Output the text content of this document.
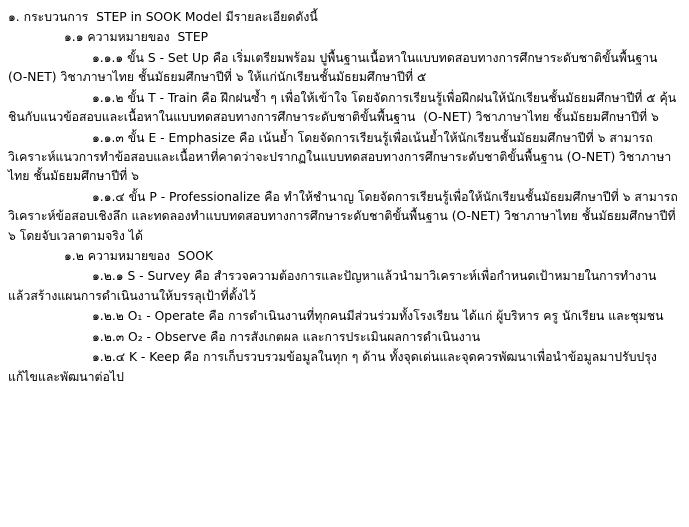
๑. กระบวนการ  STEP in SOOK Model มีรายละเอียดดังนี้

๑.๑ ความหมายของ  STEP

๑.๑.๑ ขั้น S - Set Up คือ เริ่มเตรียมพร้อม ปูพื้นฐานเนื้อหาในแบบทดสอบทางการศึกษาระดับชาติขั้นพื้นฐาน (O-NET) วิชาภาษาไทย ชั้นมัธยมศึกษาปีที่ ๖ ให้แก่นักเรียนชั้นมัธยมศึกษาปีที่ ๕

๑.๑.๒ ขั้น T - Train คือ ฝึกฝนซ้ำ ๆ เพื่อให้เข้าใจ โดยจัดการเรียนรู้เพื่อฝึกฝนให้นักเรียนชั้นมัธยมศึกษาปีที่ ๕ คุ้นชินกับแนวข้อสอบและเนื้อหาในแบบทดสอบทางการศึกษาระดับชาติขั้นพื้นฐาน  (O-NET) วิชาภาษาไทย ชั้นมัธยมศึกษาปีที่ ๖

๑.๑.๓ ขั้น E - Emphasize คือ เน้นย้ำ โดยจัดการเรียนรู้เพื่อเน้นย้ำให้นักเรียนชั้นมัธยมศึกษาปีที่ ๖ สามารถวิเคราะห์แนวการทำข้อสอบและเนื้อหาที่คาดว่าจะปรากฏในแบบทดสอบทางการศึกษาระดับชาติขั้นพื้นฐาน (O-NET) วิชาภาษาไทย ชั้นมัธยมศึกษาปีที่ ๖

๑.๑.๔ ขั้น P - Professionalize คือ ทำให้ชำนาญ โดยจัดการเรียนรู้เพื่อให้นักเรียนชั้นมัธยมศึกษาปีที่ ๖ สามารถวิเคราะห์ข้อสอบเชิงลึก และทดลองทำแบบทดสอบทางการศึกษาระดับชาติขั้นพื้นฐาน (O-NET) วิชาภาษาไทย ชั้นมัธยมศึกษาปีที่ ๖ โดยจับเวลาตามจริง ได้

๑.๒ ความหมายของ  SOOK

๑.๒.๑ S - Survey คือ สำรวจความต้องการและปัญหาแล้วนำมาวิเคราะห์เพื่อกำหนดเป้าหมายในการทำงาน แล้วสร้างแผนการดำเนินงานให้บรรลุเป้าที่ตั้งไว้

๑.๒.๒ O₁ - Operate คือ การดำเนินงานที่ทุกคนมีส่วนร่วมทั้งโรงเรียน ได้แก่ ผู้บริหาร ครู นักเรียน และชุมชน

๑.๒.๓ O₂ - Observe คือ การสังเกตผล และการประเมินผลการดำเนินงาน

๑.๒.๔ K - Keep คือ การเก็บรวบรวมข้อมูลในทุก ๆ ด้าน ทั้งจุดเด่นและจุดควรพัฒนาเพื่อนำข้อมูลมาปรับปรุงแก้ไขและพัฒนาต่อไป
